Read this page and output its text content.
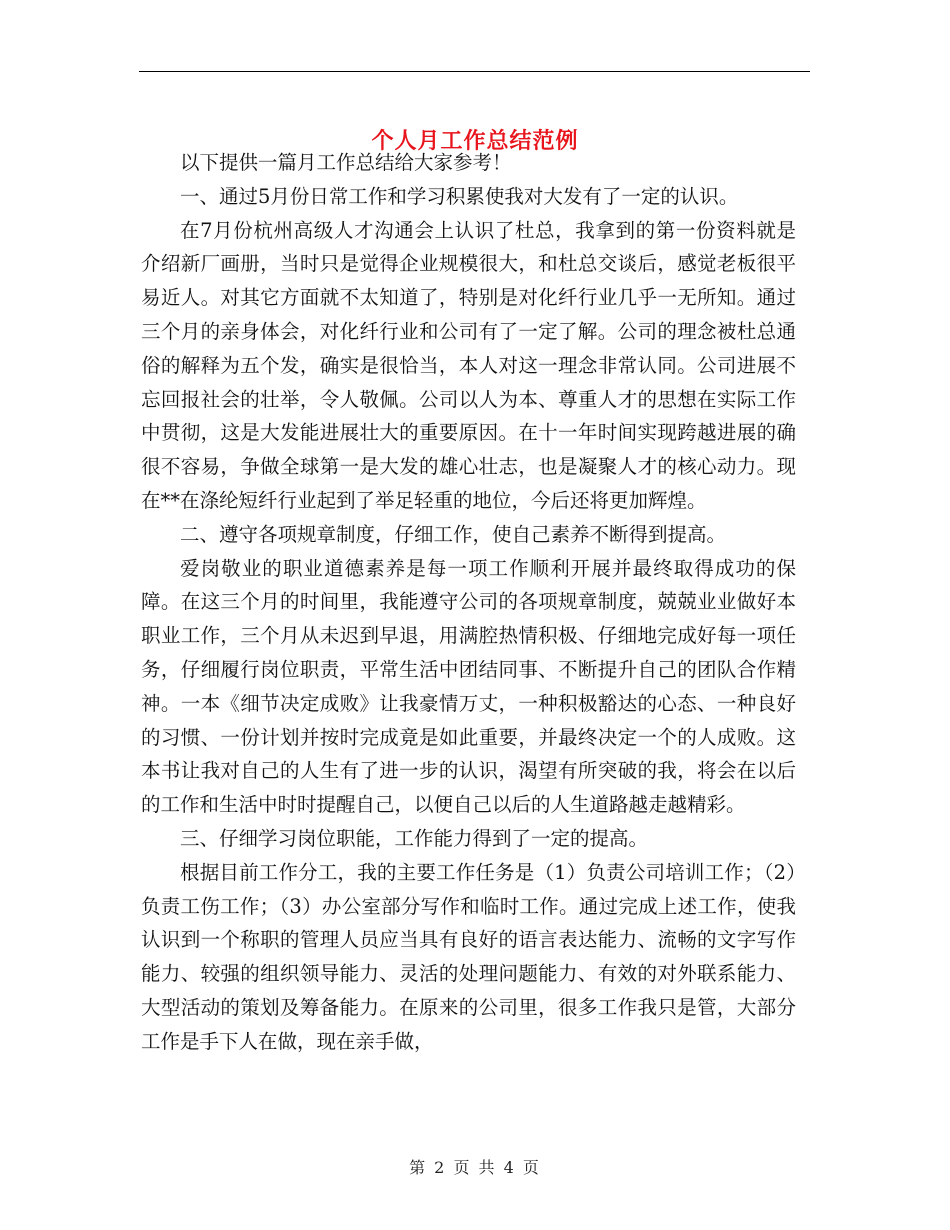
个人月工作总结范例

以下提供一篇月工作总结给大家参考！

一、通过5月份日常工作和学习积累使我对大发有了一定的认识。

在7月份杭州高级人才沟通会上认识了杜总，我拿到的第一份资料就是介绍新厂画册，当时只是觉得企业规模很大，和杜总交谈后，感觉老板很平易近人。对其它方面就不太知道了，特别是对化纤行业几乎一无所知。通过三个月的亲身体会，对化纤行业和公司有了一定了解。公司的理念被杜总通俗的解释为五个发，确实是很恰当，本人对这一理念非常认同。公司进展不忘回报社会的壮举，令人敬佩。公司以人为本、尊重人才的思想在实际工作中贯彻，这是大发能进展壮大的重要原因。在十一年时间实现跨越进展的确很不容易，争做全球第一是大发的雄心壮志，也是凝聚人才的核心动力。现在**在涤纶短纤行业起到了举足轻重的地位，今后还将更加辉煌。

二、遵守各项规章制度，仔细工作，使自己素养不断得到提高。

爱岗敬业的职业道德素养是每一项工作顺利开展并最终取得成功的保障。在这三个月的时间里，我能遵守公司的各项规章制度，兢兢业业做好本职业工作，三个月从未迟到早退，用满腔热情积极、仔细地完成好每一项任务，仔细履行岗位职责，平常生活中团结同事、不断提升自己的团队合作精神。一本《细节决定成败》让我豪情万丈，一种积极豁达的心态、一种良好的习惯、一份计划并按时完成竟是如此重要，并最终决定一个的人成败。这本书让我对自己的人生有了进一步的认识，渴望有所突破的我，将会在以后的工作和生活中时时提醒自己，以便自己以后的人生道路越走越精彩。

三、仔细学习岗位职能，工作能力得到了一定的提高。

根据目前工作分工，我的主要工作任务是（1）负责公司培训工作；（2）负责工伤工作；（3）办公室部分写作和临时工作。通过完成上述工作，使我认识到一个称职的管理人员应当具有良好的语言表达能力、流畅的文字写作能力、较强的组织领导能力、灵活的处理问题能力、有效的对外联系能力、大型活动的策划及筹备能力。在原来的公司里，很多工作我只是管，大部分工作是手下人在做，现在亲手做，

第 2 页 共 4 页
